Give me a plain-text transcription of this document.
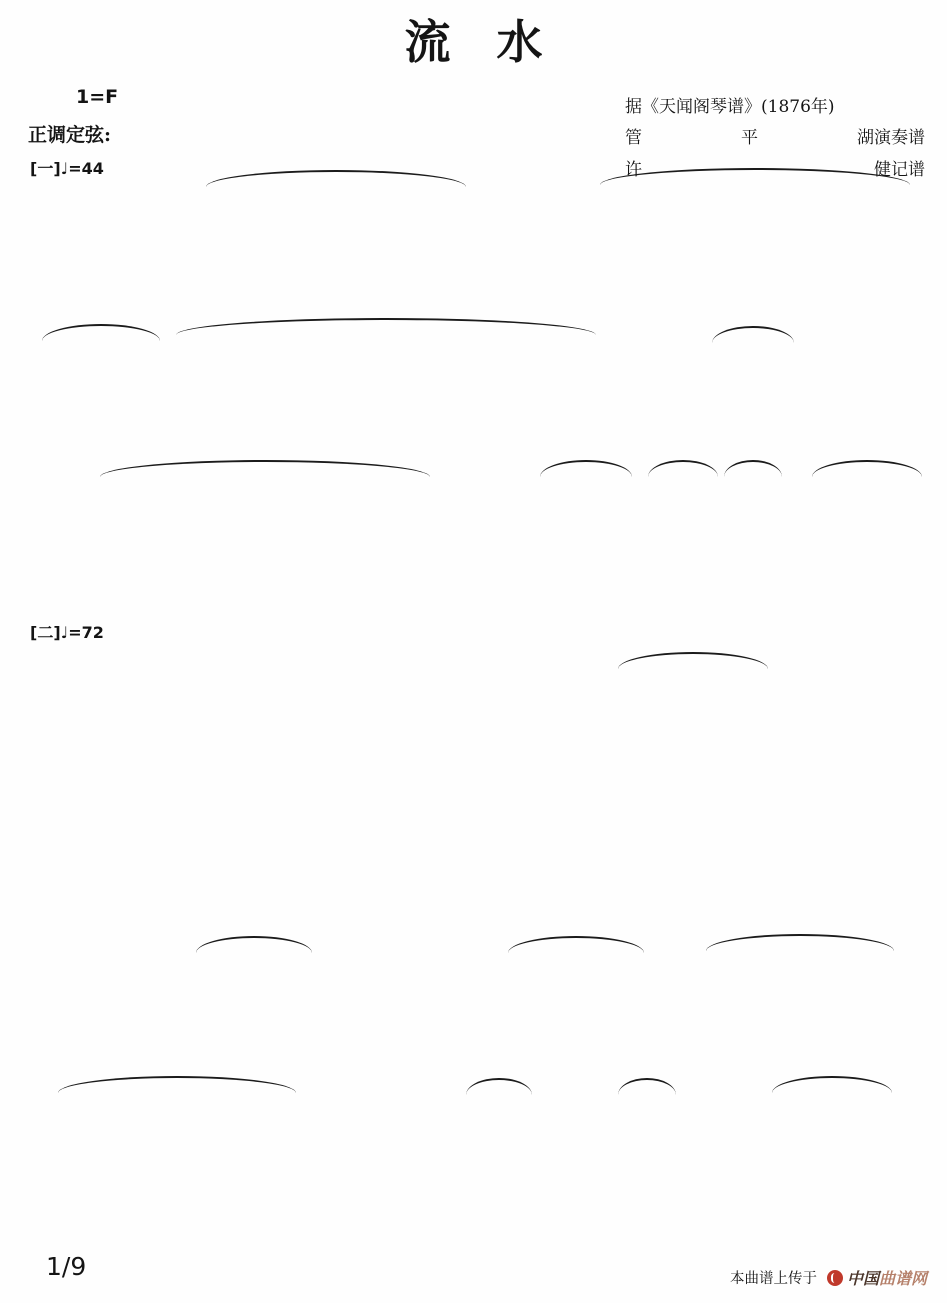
流水
1=F
正调定弦:
据《天闻阁琴谱》(1876年)
管	平	湖演奏谱
许	健记谱
[一]♩=44
[二]♩=72
1/9	本曲谱上传于 中国 曲谱网
